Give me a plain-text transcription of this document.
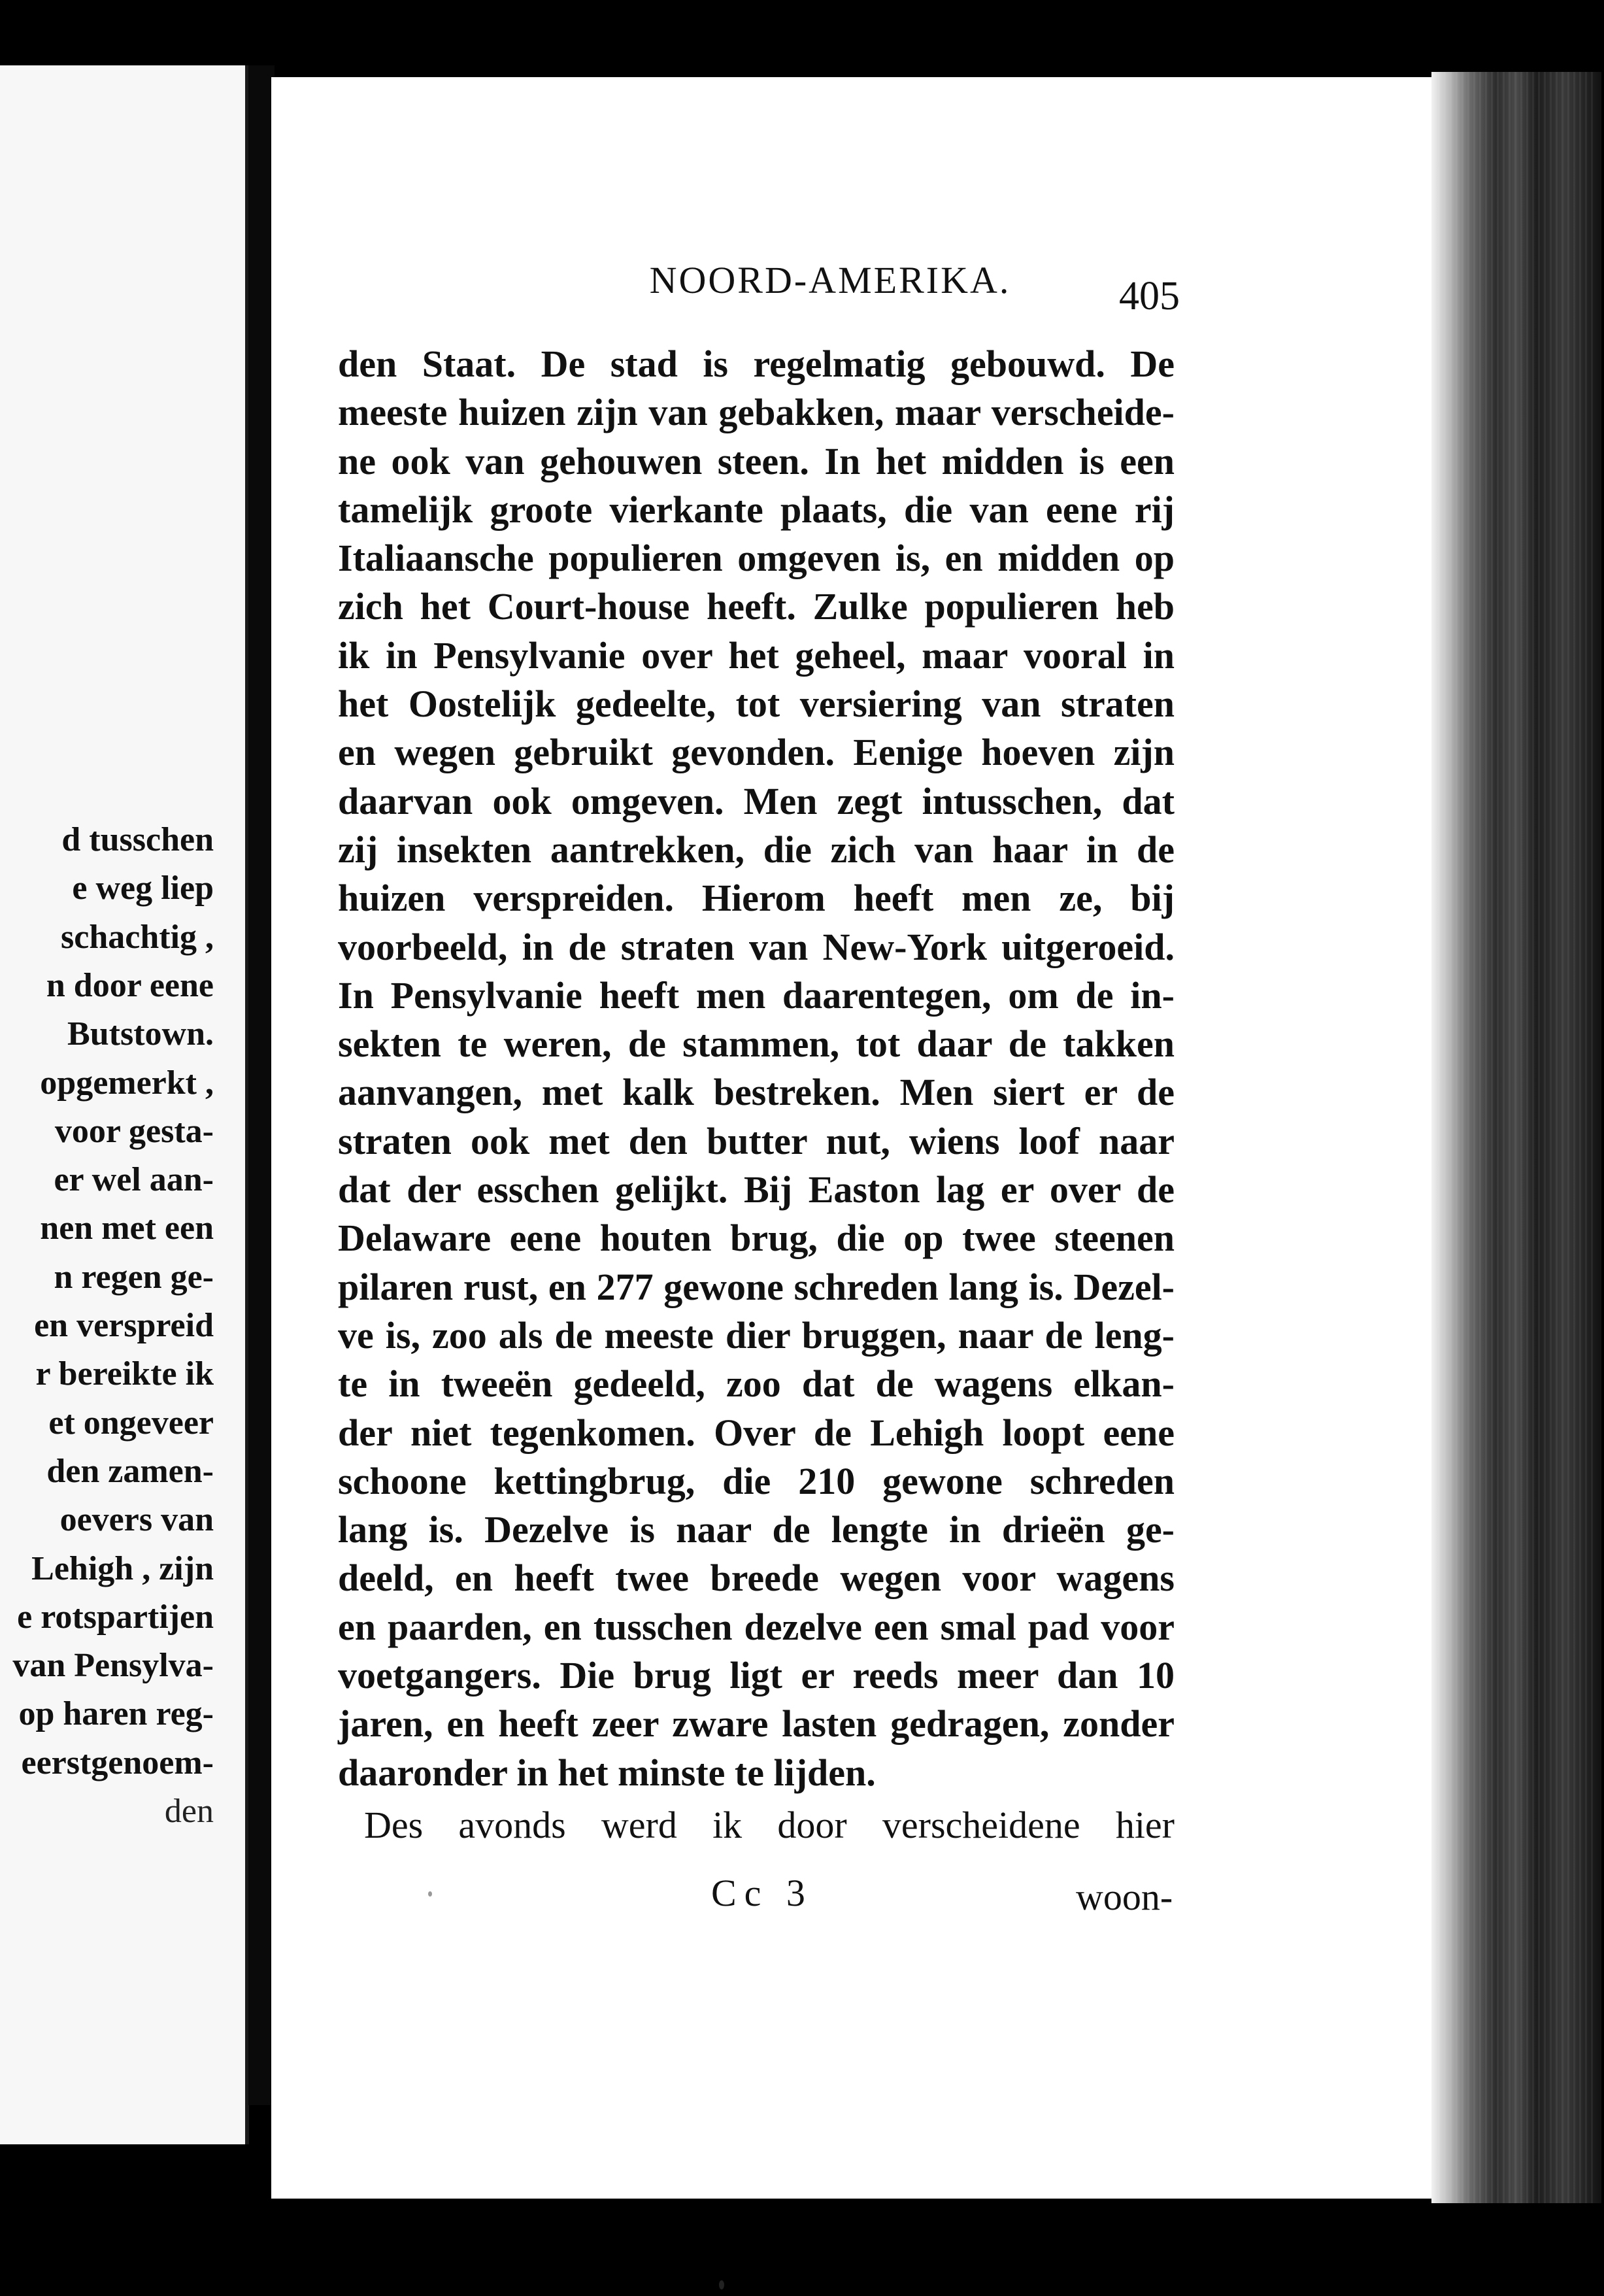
d tusschen
e weg liep
schachtig ,
n door eene
Butstown.
opgemerkt ,
voor gesta-
er wel aan-
nen met een
n regen ge-
en verspreid
r bereikte ik
et ongeveer
den zamen-
oevers van
Lehigh , zijn
e rotspartijen
van Pensylva-
op haren reg-
eerstgenoem-
den
NOORD-AMERIKA.	405
den Staat. De stad is regelmatig gebouwd. De
meeste huizen zijn van gebakken, maar verscheide-
ne ook van gehouwen steen. In het midden is een
tamelijk groote vierkante plaats, die van eene rij
Italiaansche populieren omgeven is, en midden op
zich het Court-house heeft. Zulke populieren heb
ik in Pensylvanie over het geheel, maar vooral in
het Oostelijk gedeelte, tot versiering van straten
en wegen gebruikt gevonden. Eenige hoeven zijn
daarvan ook omgeven. Men zegt intusschen, dat
zij insekten aantrekken, die zich van haar in de
huizen verspreiden. Hierom heeft men ze, bij
voorbeeld, in de straten van New-York uitgeroeid.
In Pensylvanie heeft men daarentegen, om de in-
sekten te weren, de stammen, tot daar de takken
aanvangen, met kalk bestreken. Men siert er de
straten ook met den butter nut, wiens loof naar
dat der esschen gelijkt. Bij Easton lag er over de
Delaware eene houten brug, die op twee steenen
pilaren rust, en 277 gewone schreden lang is. Dezel-
ve is, zoo als de meeste dier bruggen, naar de leng-
te in tweeën gedeeld, zoo dat de wagens elkan-
der niet tegenkomen. Over de Lehigh loopt eene
schoone kettingbrug, die 210 gewone schreden
lang is. Dezelve is naar de lengte in drieën ge-
deeld, en heeft twee breede wegen voor wagens
en paarden, en tusschen dezelve een smal pad voor
voetgangers. Die brug ligt er reeds meer dan 10
jaren, en heeft zeer zware lasten gedragen, zonder
daaronder in het minste te lijden.
Des avonds werd ik door verscheidene hier
Cc 3	woon-
